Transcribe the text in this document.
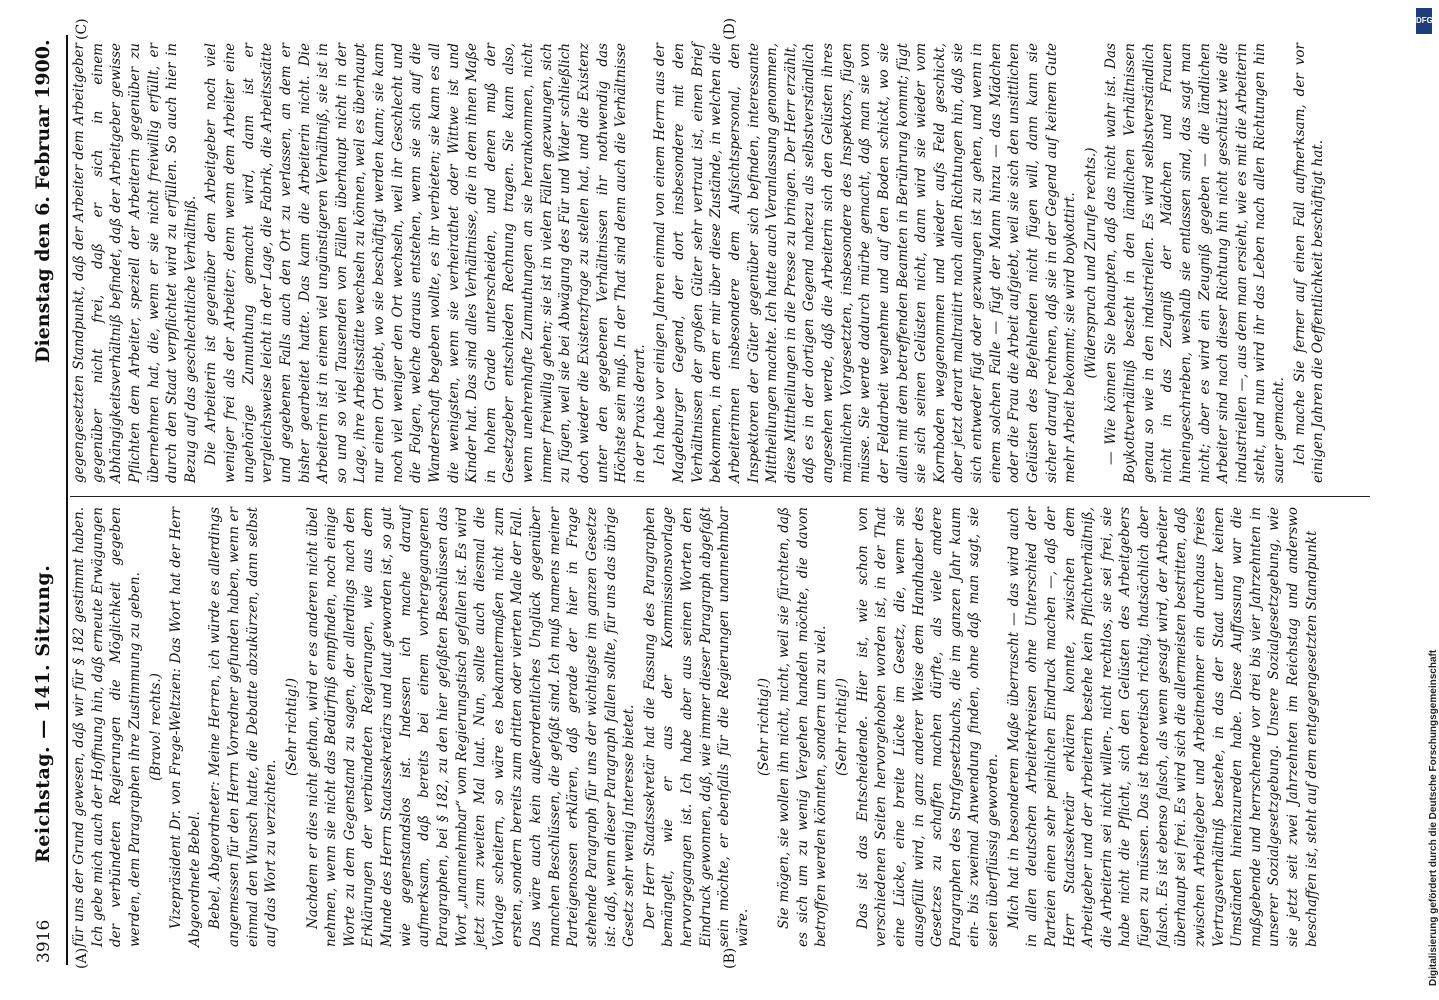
3916
Reichstag. — 141. Sitzung.
Dienstag den 6. Februar 1900.
(A)	(B)
(C)	(D)

für uns der Grund gewesen, daß wir für § 182 gestimmt haben. Ich gebe mich auch der Hoffnung hin, daß erneute Erwägungen der verbündeten Regierungen die Möglichkeit gegeben werden, dem Paragraphen ihre Zustimmung zu geben. (Bravo! rechts.) Vizepräsident Dr. von Frege-Weltzien: Das Wort hat der Herr Abgeordnete Bebel. Bebel, Abgeordneter: Meine Herren, ich würde es allerdings angemessen für den Herrn Vorredner gefunden haben, wenn er einmal den Wunsch hatte, die Debatte abzukürzen, dann selbst auf das Wort zu verzichten.

(Sehr richtig!) Nachdem er dies nicht gethan, wird er es anderen nicht übel nehmen, wenn sie nicht das Bedürfniß empfinden, noch einige Worte zu dem Gegenstand zu sagen, der allerdings nach den Erklärungen der verbündeten Regierungen, wie aus dem Munde des Herrn Staatssekretärs und laut geworden ist, so gut wie gegenstandslos ist. Indessen ich mache darauf aufmerksam, daß bereits bei einem vorhergegangenen Paragraphen, bei § 182, zu den hier gefaßten Beschlüssen das Wort „unannehmbar“ vom Regierungstisch gefallen ist. Es wird jetzt zum zweiten Mal laut. Nun, sollte auch diesmal die Vorlage scheitern, so wäre es bekanntermaßen nicht zum ersten, sondern bereits zum dritten oder vierten Male der Fall. Das wäre auch kein außerordentliches Unglück gegenüber manchen Beschlüssen, die gefaßt sind. Ich muß namens meiner Parteigenossen erklären, daß gerade der hier in Frage stehende Paragraph für uns der wichtigste im ganzen Gesetze ist: daß, wenn dieser Paragraph fallen sollte, für uns das übrige Gesetz sehr wenig Interesse bietet. Der Herr Staatssekretär hat die Fassung des Paragraphen bemängelt, wie er aus der Kommissionsvorlage hervorgegangen ist. Ich habe aber aus seinen Worten den Eindruck gewonnen, daß, wie immer dieser Paragraph abgefaßt sein möchte, er ebenfalls für die Regierungen unannehmbar wäre.

(Sehr richtig!) Sie mögen, sie wollen ihn nicht, nicht, weil sie fürchten, daß es sich um zu wenig Vergehen handeln möchte, die davon betroffen werden könnten, sondern um zu viel. (Sehr richtig!) Das ist das Entscheidende. Hier ist, wie schon von verschiedenen Seiten hervorgehoben worden ist, in der That eine Lücke, eine breite Lücke im Gesetz, die, wenn sie ausgefüllt wird, in ganz anderer Weise dem Handhaber des Gesetzes zu schaffen machen dürfte, als viele andere Paragraphen des Strafgesetzbuchs, die im ganzen Jahr kaum ein- bis zweimal Anwendung finden, ohne daß man sagt, sie seien überflüssig geworden. Mich hat in besonderem Maße überrascht — das wird auch in allen deutschen Arbeiterkreisen ohne Unterschied der Parteien einen sehr peinlichen Eindruck machen —, daß der Herr Staatssekretär erklären konnte, zwischen dem Arbeitgeber und der Arbeiterin bestehe kein Pflichtverhältniß, die Arbeiterin sei nicht willen-, nicht rechtlos, sie sei frei, sie habe nicht die Pflicht, sich den Gelüsten des Arbeitgebers fügen zu müssen. Das ist theoretisch richtig, thatsächlich aber falsch. Es ist ebenso falsch, als wenn gesagt wird, der Arbeiter überhaupt sei frei. Es wird sich die allermeisten bestritten, daß zwischen Arbeitgeber und Arbeitnehmer ein durchaus freies Vertragsverhältniß bestehe, in das der Staat unter keinen Umständen hineinzureden habe. Diese Auffassung war die maßgebende und herrschende vor drei bis vier Jahrzehnten in unserer Sozialgesetzgebung. Unsere Sozialgesetzgebung, wie sie jetzt seit zwei Jahrzehnten im Reichstag und anderswo beschaffen ist, steht auf dem entgegengesetzten Standpunkt

gegengesetzten Standpunkt, daß der Arbeiter dem Arbeitgeber gegenüber nicht frei, daß er sich in einem Abhängigkeitsverhältniß befindet, daß der Arbeitgeber gewisse Pflichten dem Arbeiter, speziell der Arbeiterin gegenüber zu übernehmen hat, die, wenn er sie nicht freiwillig erfüllt, er durch den Staat verpflichtet wird zu erfüllen. So auch hier in Bezug auf das geschlechtliche Verhältniß. Die Arbeiterin ist gegenüber dem Arbeitgeber noch viel weniger frei als der Arbeiter; denn wenn dem Arbeiter eine ungehörige Zumuthung gemacht wird, dann ist er vergleichsweise leicht in der Lage, die Fabrik, die Arbeitsstätte und gegebenen Falls auch den Ort zu verlassen, an dem er bisher gearbeitet hatte. Das kann die Arbeiterin nicht. Die Arbeiterin ist in einem viel ungünstigeren Verhältniß, sie ist in so und so viel Tausenden von Fällen überhaupt nicht in der Lage, ihre Arbeitsstätte wechseln zu können, weil es überhaupt nur einen Ort giebt, wo sie beschäftigt werden kann; sie kann noch viel weniger den Ort wechseln, weil ihr Geschlecht und die Folgen, welche daraus entstehen, wenn sie sich auf die Wanderschaft begeben wollte, es ihr verbieten; sie kann es all die wenigsten, wenn sie verheirathet oder Wittwe ist und Kinder hat. Das sind alles Verhältnisse, die in dem ihnen Maße in hohem Grade unterscheiden, und denen muß der Gesetzgeber entschieden Rechnung tragen. Sie kann also, wenn unehrenhafte Zumuthungen an sie herankommen, nicht immer freiwillig gehen; sie ist in vielen Fällen gezwungen, sich zu fügen, weil sie bei Abwägung des Für und Wider schließlich doch wieder die Existenzfrage zu stellen hat, und die Existenz unter den gegebenen Verhältnissen ihr nothwendig das Höchste sein muß. In der That sind denn auch die Verhältnisse in der Praxis derart. Ich habe vor einigen Jahren einmal von einem Herrn aus der Magdeburger Gegend, der dort insbesondere mit den Verhältnissen der großen Güter sehr vertraut ist, einen Brief bekommen, in dem er mir über diese Zustände, in welchen die Arbeiterinnen insbesondere dem Aufsichtspersonal, den Inspektoren der Güter gegenüber sich befinden, interessante Mittheilungen machte. Ich hatte auch Veranlassung genommen, diese Mittheilungen in die Presse zu bringen. Der Herr erzählt, daß es in der dortigen Gegend nahezu als selbstverständlich angesehen werde, daß die Arbeiterin sich den Gelüsten ihres männlichen Vorgesetzten, insbesondere des Inspektors, fügen müsse. Sie werde dadurch mürbe gemacht, daß man sie von der Feldarbeit wegnehme und auf den Boden schickt, wo sie allein mit dem betreffenden Beamten in Berührung kommt; fügt sie sich seinen Gelüsten nicht, dann wird sie wieder vom Kornboden weggenommen und wieder aufs Feld geschickt, aber jetzt derart maltraitirt nach allen Richtungen hin, daß sie sich entweder fügt oder gezwungen ist zu gehen, und wenn in einem solchen Falle — fügt der Mann hinzu — das Mädchen oder die Frau die Arbeit aufgiebt, weil sie sich den unsittlichen Gelüsten des Befehlenden nicht fügen will, dann kann sie sicher darauf rechnen, daß sie in der Gegend auf keinem Gute mehr Arbeit bekommt; sie wird boykottirt. (Widerspruch und Zurufe rechts.) — Wie können Sie behaupten, daß das nicht wahr ist. Das Boykottverhältniß besteht in den ländlichen Verhältnissen genau so wie in den industriellen. Es wird selbstverständlich nicht in das Zeugniß der Mädchen und Frauen hineingeschrieben, weshalb sie entlassen sind, das sagt man nicht; aber es wird ein Zeugniß gegeben — die ländlichen Arbeiter sind nach dieser Richtung hin nicht geschützt wie die industriellen —, aus dem man ersieht, wie es mit die Arbeiterin steht, und nun wird ihr das Leben nach allen Richtungen hin sauer gemacht. Ich mache Sie ferner auf einen Fall aufmerksam, der vor einigen Jahren die Oeffentlichkeit beschäftigt hat.

Digitalisierung gefördert durch die Deutsche Forschungsgemeinschaft
DFG
